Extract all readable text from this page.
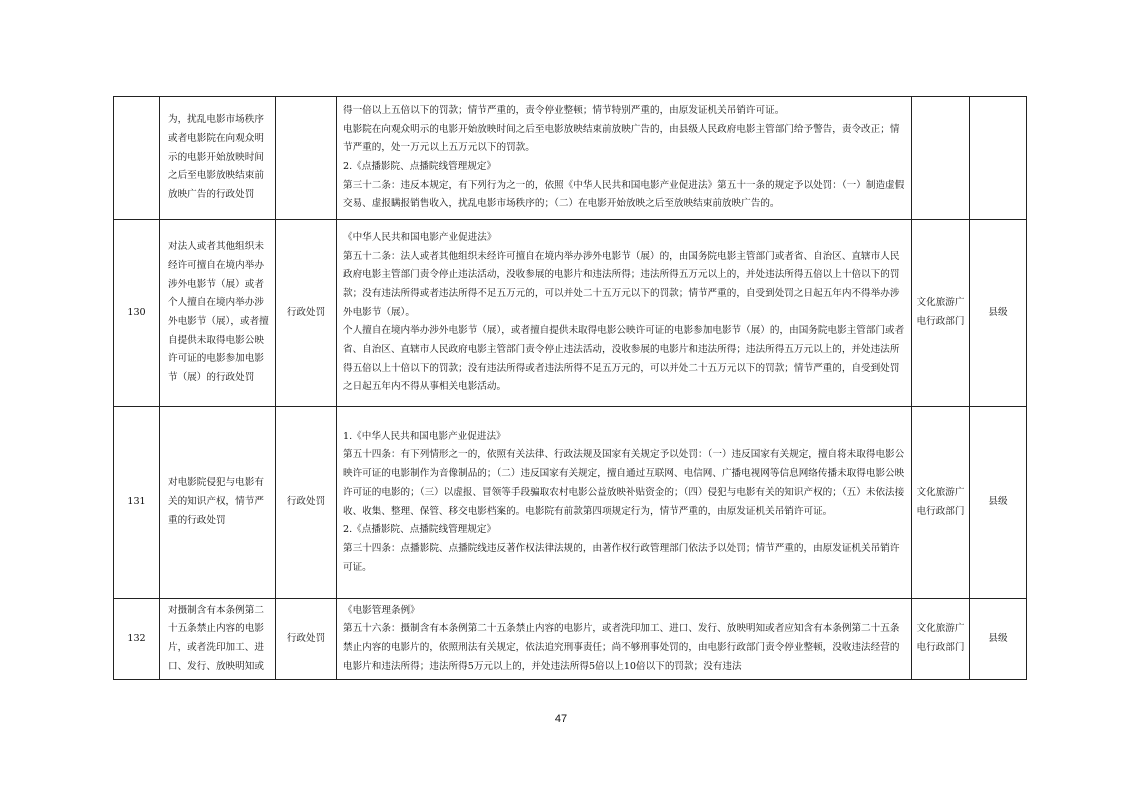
	为，扰乱电影市场秩序或者电影院在向观众明示的电影开始放映时间之后至电影放映结束前放映广告的行政处罚		得一倍以上五倍以下的罚款；情节严重的，责令停业整顿；情节特别严重的，由原发证机关吊销许可证。

电影院在向观众明示的电影开始放映时间之后至电影放映结束前放映广告的，由县级人民政府电影主管部门给予警告，责令改正；情节严重的，处一万元以上五万元以下的罚款。

2.《点播影院、点播院线管理规定》

第三十二条：违反本规定，有下列行为之一的，依照《中华人民共和国电影产业促进法》第五十一条的规定予以处罚：（一）制造虚假交易、虚报瞒报销售收入，扰乱电影市场秩序的；（二）在电影开始放映之后至放映结束前放映广告的。		

130	对法人或者其他组织未经许可擅自在境内举办涉外电影节（展）或者个人擅自在境内举办涉外电影节（展），或者擅自提供未取得电影公映许可证的电影参加电影节（展）的行政处罚	行政处罚	《中华人民共和国电影产业促进法》

第五十二条：法人或者其他组织未经许可擅自在境内举办涉外电影节（展）的，由国务院电影主管部门或者省、自治区、直辖市人民政府电影主管部门责令停止违法活动，没收参展的电影片和违法所得；违法所得五万元以上的，并处违法所得五倍以上十倍以下的罚款；没有违法所得或者违法所得不足五万元的，可以并处二十五万元以下的罚款；情节严重的，自受到处罚之日起五年内不得举办涉外电影节（展）。

个人擅自在境内举办涉外电影节（展），或者擅自提供未取得电影公映许可证的电影参加电影节（展）的，由国务院电影主管部门或者省、自治区、直辖市人民政府电影主管部门责令停止违法活动，没收参展的电影片和违法所得；违法所得五万元以上的，并处违法所得五倍以上十倍以下的罚款；没有违法所得或者违法所得不足五万元的，可以并处二十五万元以下的罚款；情节严重的，自受到处罚之日起五年内不得从事相关电影活动。	文化旅游广电行政部门	县级
131	对电影院侵犯与电影有关的知识产权，情节严重的行政处罚	行政处罚	1.《中华人民共和国电影产业促进法》

第五十四条：有下列情形之一的，依照有关法律、行政法规及国家有关规定予以处罚：（一）违反国家有关规定，擅自将未取得电影公映许可证的电影制作为音像制品的；（二）违反国家有关规定，擅自通过互联网、电信网、广播电视网等信息网络传播未取得电影公映许可证的电影的；（三）以虚报、冒领等手段骗取农村电影公益放映补贴资金的；（四）侵犯与电影有关的知识产权的；（五）未依法接收、收集、整理、保管、移交电影档案的。电影院有前款第四项规定行为，情节严重的，由原发证机关吊销许可证。

2.《点播影院、点播院线管理规定》

第三十四条：点播影院、点播院线违反著作权法律法规的，由著作权行政管理部门依法予以处罚；情节严重的，由原发证机关吊销许可证。	文化旅游广电行政部门	县级
132	对摄制含有本条例第二十五条禁止内容的电影片，或者洗印加工、进口、发行、放映明知或	行政处罚	《电影管理条例》

第五十六条：摄制含有本条例第二十五条禁止内容的电影片，或者洗印加工、进口、发行、放映明知或者应知含有本条例第二十五条禁止内容的电影片的，依照刑法有关规定，依法追究刑事责任；尚不够刑事处罚的，由电影行政部门责令停业整顿，没收违法经营的电影片和违法所得；违法所得5万元以上的，并处违法所得5倍以上10倍以下的罚款；没有违法	文化旅游广电行政部门	县级
47
